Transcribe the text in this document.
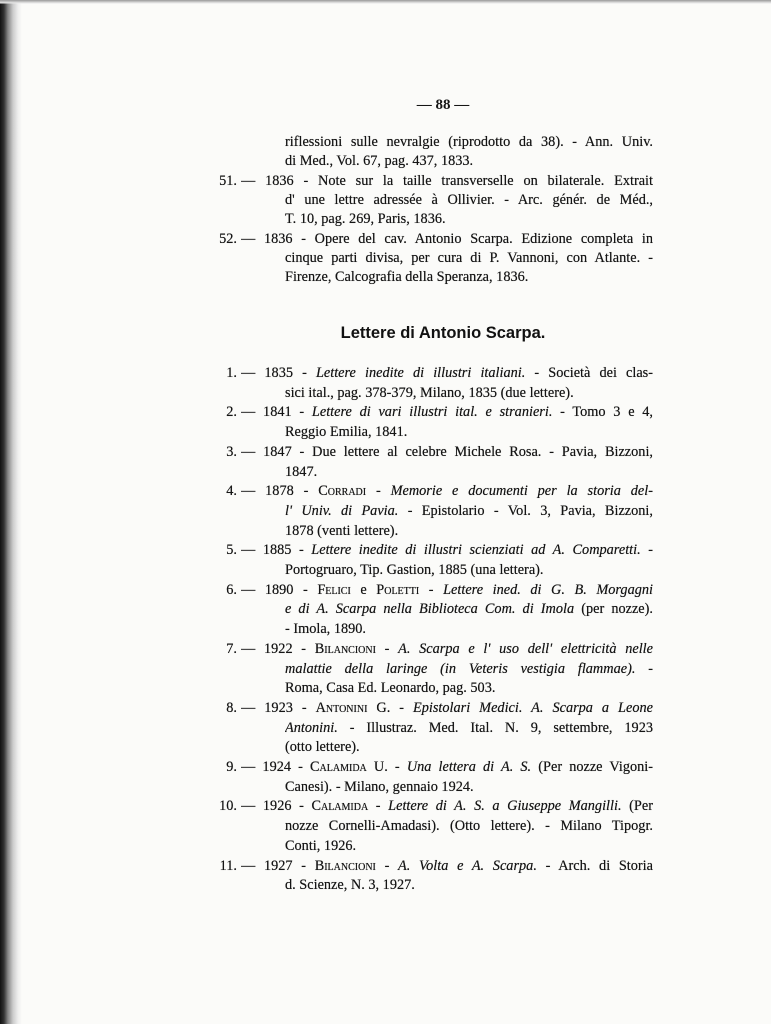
— 88 —
riflessioni sulle nevralgie (riprodotto da 38). - Ann. Univ.
di Med., Vol. 67, pag. 437, 1833.
51. — 1836 - Note sur la taille transverselle on bilaterale. Extrait
d' une lettre adressée à Ollivier. - Arc. génér. de Méd.,
T. 10, pag. 269, Paris, 1836.
52. — 1836 - Opere del cav. Antonio Scarpa. Edizione completa in
cinque parti divisa, per cura di P. Vannoni, con Atlante. -
Firenze, Calcografia della Speranza, 1836.
Lettere di Antonio Scarpa.
1. — 1835 - Lettere inedite di illustri italiani. - Società dei clas-
sici ital., pag. 378-379, Milano, 1835 (due lettere).
2. — 1841 - Lettere di vari illustri ital. e stranieri. - Tomo 3 e 4,
Reggio Emilia, 1841.
3. — 1847 - Due lettere al celebre Michele Rosa. - Pavia, Bizzoni,
1847.
4. — 1878 - Corradi - Memorie e documenti per la storia del-
l' Univ. di Pavia. - Epistolario - Vol. 3, Pavia, Bizzoni,
1878 (venti lettere).
5. — 1885 - Lettere inedite di illustri scienziati ad A. Comparetti. -
Portogruaro, Tip. Gastion, 1885 (una lettera).
6. — 1890 - Felici e Poletti - Lettere ined. di G. B. Morgagni
e di A. Scarpa nella Biblioteca Com. di Imola (per nozze).
- Imola, 1890.
7. — 1922 - Bilancioni - A. Scarpa e l' uso dell' elettricità nelle
malattie della laringe (in Veteris vestigia flammae). -
Roma, Casa Ed. Leonardo, pag. 503.
8. — 1923 - Antonini G. - Epistolari Medici. A. Scarpa a Leone
Antonini. - Illustraz. Med. Ital. N. 9, settembre, 1923
(otto lettere).
9. — 1924 - Calamida U. - Una lettera di A. S. (Per nozze Vigoni-
Canesi). - Milano, gennaio 1924.
10. — 1926 - Calamida - Lettere di A. S. a Giuseppe Mangilli. (Per
nozze Cornelli-Amadasi). (Otto lettere). - Milano Tipogr.
Conti, 1926.
11. — 1927 - Bilancioni - A. Volta e A. Scarpa. - Arch. di Storia
d. Scienze, N. 3, 1927.
